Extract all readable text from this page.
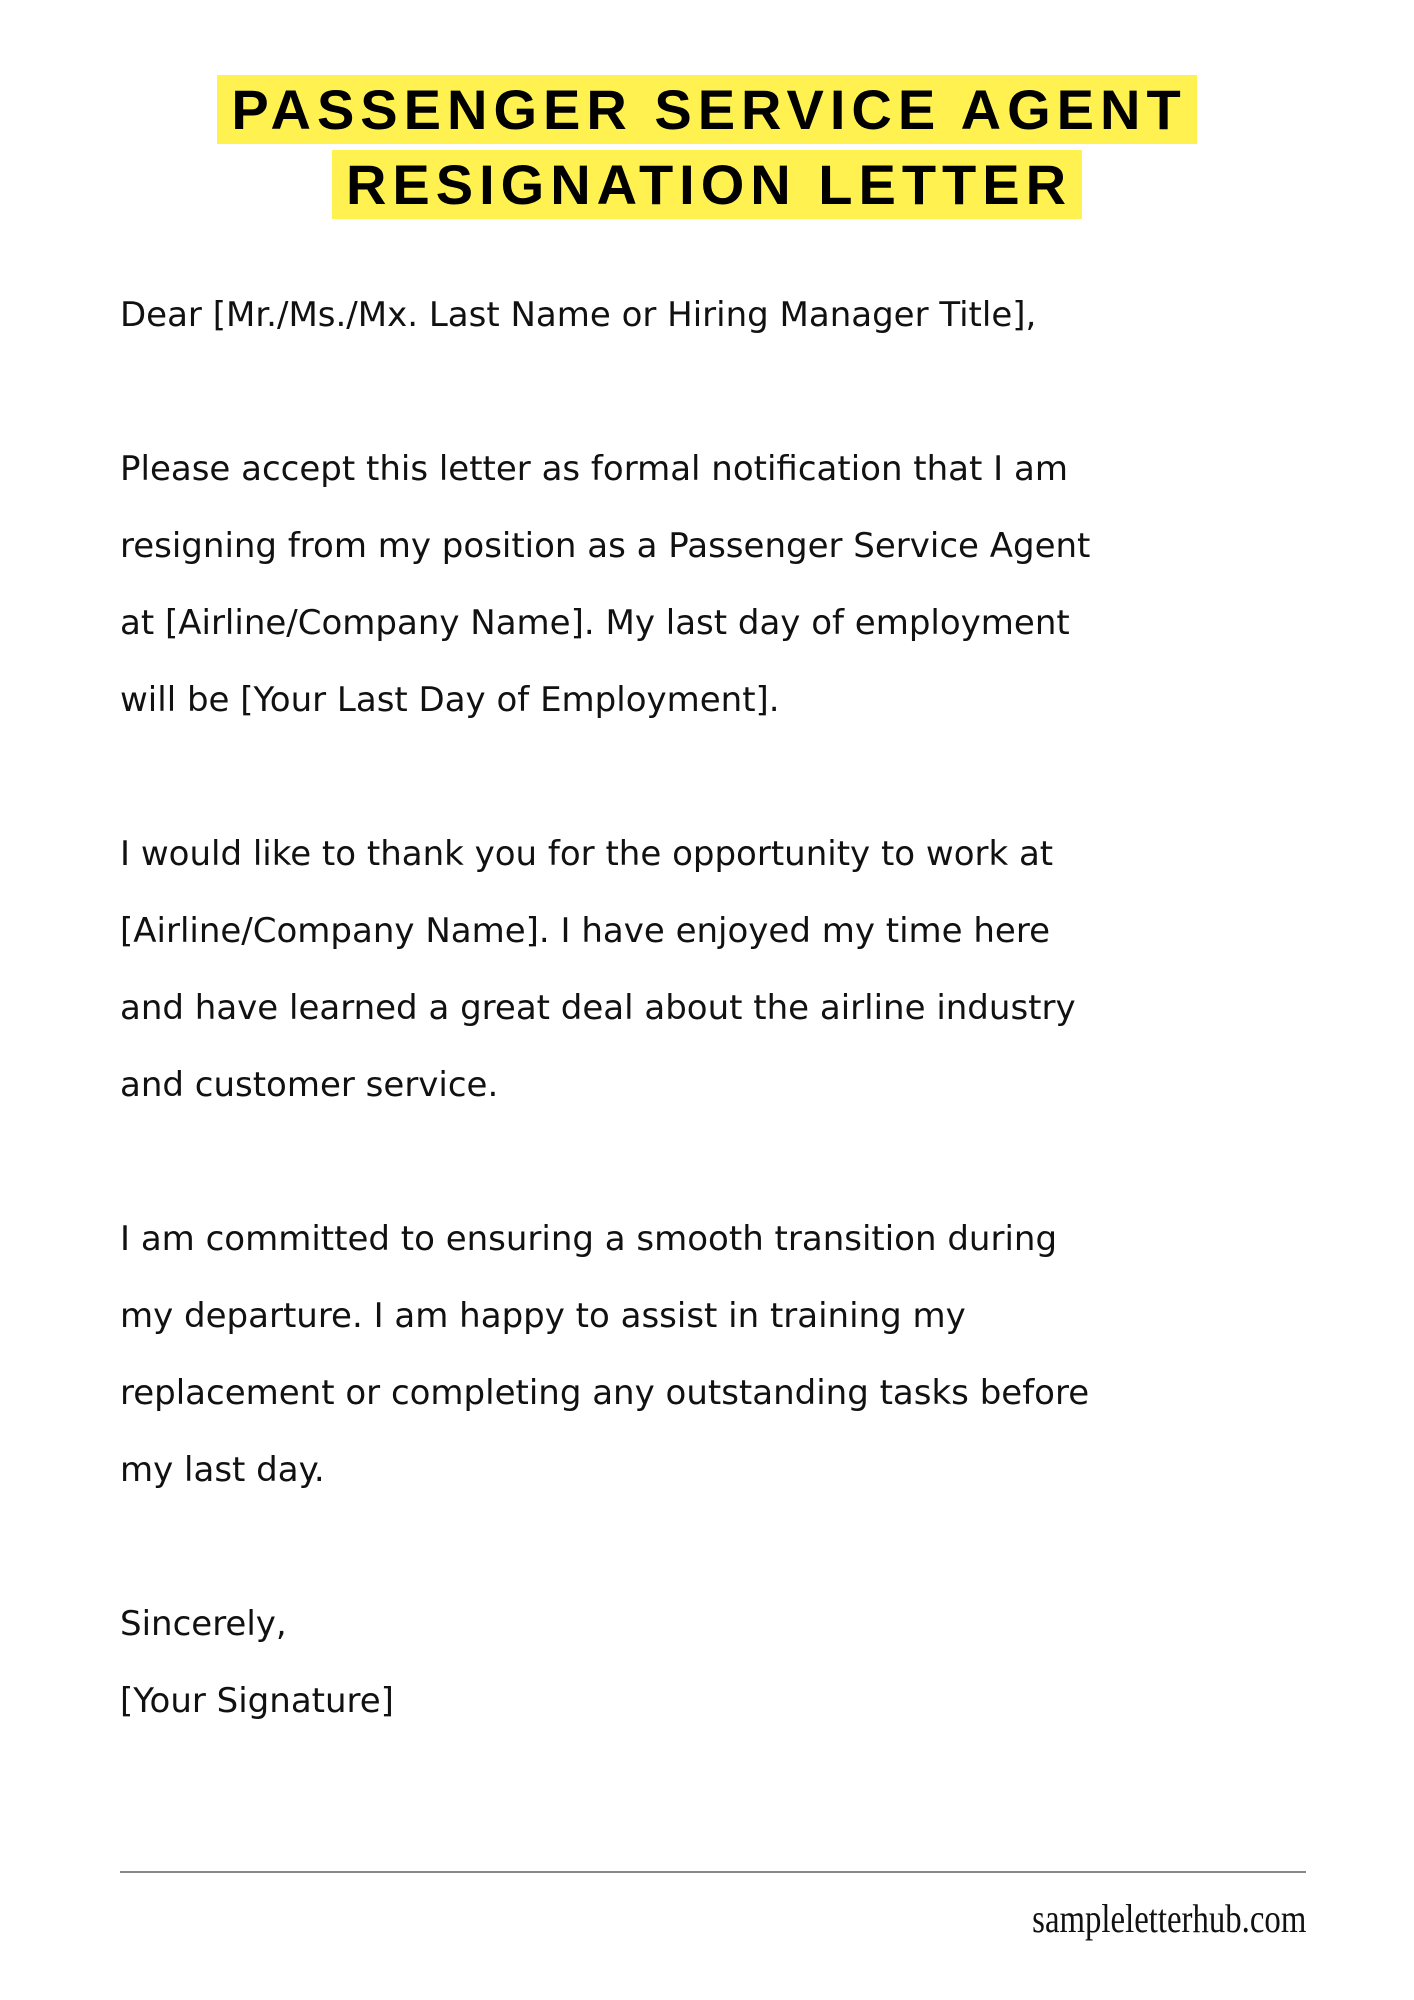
PASSENGER SERVICE AGENT
RESIGNATION LETTER
Dear [Mr./Ms./Mx. Last Name or Hiring Manager Title],
Please accept this letter as formal notification that I am
resigning from my position as a Passenger Service Agent
at [Airline/Company Name]. My last day of employment
will be [Your Last Day of Employment].
I would like to thank you for the opportunity to work at
[Airline/Company Name]. I have enjoyed my time here
and have learned a great deal about the airline industry
and customer service.
I am committed to ensuring a smooth transition during
my departure. I am happy to assist in training my
replacement or completing any outstanding tasks before
my last day.
Sincerely,
[Your Signature]
sampleletterhub.com
